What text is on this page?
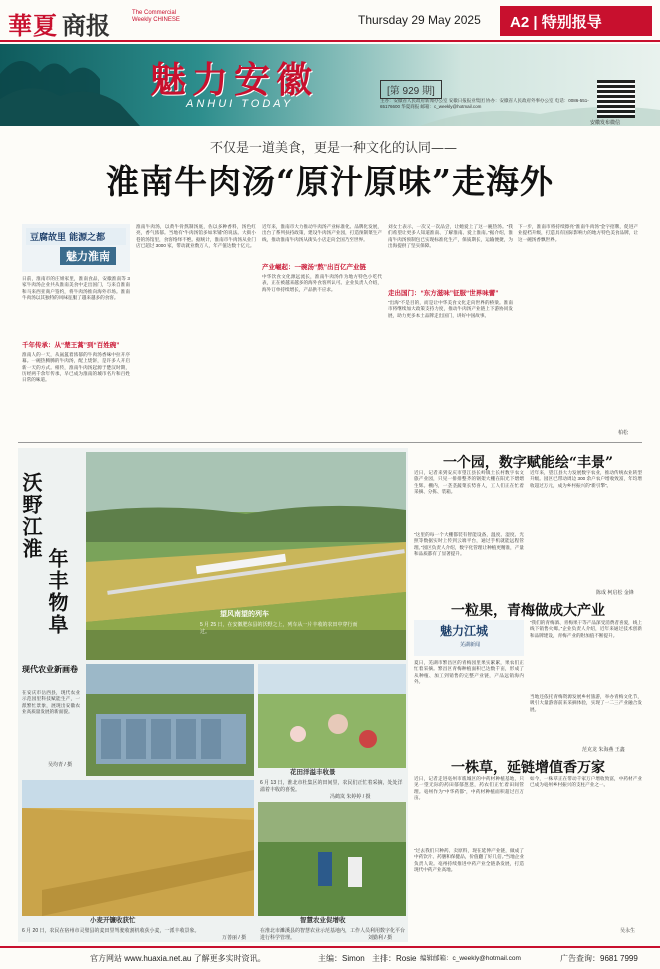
華夏 商报	The Commercial Weekly CHINESE	Thursday 29 May 2025	A2 | 特别报导
魅力安徽
ANHUI TODAY
[第 929 期]
主办：安徽省人民政府新闻办公室 安徽日报报业集团 协办：安徽省人民政府外事办公室 电话：0086-551-65176600 华夏商报 邮箱：c_weekly@hotmail.com
安徽发布微信
不仅是一道美食，更是一种文化的认同——
淮南牛肉汤“原汁原味”走海外
豆腐故里 能源之都
魅力淮南
日前，淮南市的庄姐家里，淮南食品，安徽淮南等 3 家牛肉汤企业共从淮南美食中走出国门，与来自淮南和马来西亚商户签约，将牛肉汤推向海外市场。淮南牛肉汤以其独特的风味征服了越来越多的食客。
千年传承：从“楚王蒿”到“百姓碗”
淮南人的一天，从氤氲着浓郁的牛肉汤香味中拉开序幕。一碗热腾腾的牛肉汤，配上烧饼，是许多人开启新一天的方式。相传，淮南牛肉汤起源于楚汉时期，历经两千余年传承，早已成为淮南的城市名片和百姓日常的味道。
淮南牛肉汤，以黄牛骨熬制汤底，佐以多种香料，汤色红亮，香气浓郁。当地有“牛肉汤馆多如米铺”的说法。大街小巷的汤馆里，食客络绎不绝。据统计，淮南市牛肉汤从业门店已超过 3000 家，带动就业数万人，年产值达数十亿元。
近年来，淮南市大力推动牛肉汤产业标准化、品牌化发展，出台了系列扶持政策，建设牛肉汤产业园，打造预制菜生产线，推动淮南牛肉汤从街头小店走向全国乃至世界。
产业崛起：一碗汤“熬”出百亿产业链
中华饮食文化源远流长，淮南牛肉汤作为地方特色小吃代表，正在被越来越多的海外食客所认可。企业负责人介绍，海外订单持续增长，产品供不应求。
刘女士表示，一次又一次品尝，让她爱上了这一碗热汤。“我们希望让更多人知道淮南、了解淮南、爱上淮南。”据介绍，淮南牛肉汤预制包已实现标准化生产，保质期长，运输便捷，为出海提供了坚实保障。
走出国门：“东方滋味”征服“世界味蕾”
“出海”不是目的，而是让中华美食文化走向世界的桥梁。淮南市将继续加大政策支持力度，推动牛肉汤产业链上下游协同发展，助力更多本土品牌走出国门，讲好中国故事。
下一步，淮南市将持续擦亮“淮南牛肉汤”金字招牌，促进产业提档升级，打造具有国际影响力的地方特色美食品牌，让这一碗汤香飘世界。
柏松
沃野江淮
年丰物阜	望风南望的列车
5 月 25 日，在安徽肥东县的沃野之上，列车从一片丰收的农田中穿行而过。
现代农业新画卷
在安庆市岳西县，现代农业示范园里科技赋能生产，一派繁忙景象，展现出安徽农业高质量发展的新面貌。
吴均青 / 摄
花田洋溢丰收景
6 月 13 日，淮北市杜集区的田间里，农民们正忙着采摘，处处洋溢着丰收的喜悦。
冯鹤岚 朱婷婷 / 摄
小麦开镰收获忙
6 月 20 日，农民在宿州市灵璧县的麦田里驾驶收割机收获小麦，一派丰收景象。
万善丽 / 摄
智慧农业促增收
在淮北市濉溪县的智慧农业示范基地内，工作人员利用数字化平台进行科学管理。	刘勤利 / 摄
一个园，数字赋能绘“丰景”
近日，记者来到安庆市望江县长岭镇土长村数字农文旅产业园，只见一排排整齐的钢架大棚在阳光下熠熠生辉。棚内，一垄垄蔬菜长势喜人，工人们正在忙着采摘、分拣、装箱。
“这里的每一个大棚都装有智能设备，温度、湿度、光照等数据实时上传到云端平台，通过手机就能远程管理。”园区负责人介绍，数字化管理让种植更精准，产量和品质都有了显著提升。
近年来，望江县大力发展数字农业，推动传统农业转型升级。园区已带动周边 300 余户农户增收致富，年均增收超过万元，成为乡村振兴的“新引擎”。
陈成 柯启松 金锋
一粒果，青梅做成大产业
魅力江城
芜湖新闻
夏日，芜湖市繁昌区的青梅园里果实累累，果农们正忙着采摘。繁昌区青梅种植面积已达数千亩，形成了从种植、加工到销售的完整产业链，产品远销海内外。
“我们的青梅酒、青梅果干等产品深受消费者喜爱，线上线下销售火爆。”企业负责人介绍，近年来通过技术创新和品牌建设，青梅产业的附加值不断提升。
当地还依托青梅资源发展乡村旅游，举办青梅文化节，吸引大量游客前来采摘体验，实现了一二三产业融合发展。
范克龙 朱海燕 王鑫
一株草，延链增值香万家
近日，记者走进亳州市谯城区的中药材种植基地，只见一望无际的药田郁郁葱葱，药农们正忙着田间管理。亳州作为“中华药都”，中药材种植面积超过百万亩。
“过去我们只种药、卖原料，现在延伸产业链，做成了中药饮片、药膳和保健品，价值翻了好几倍。”当地企业负责人说。亳州持续推进中药产业全链条发展，打造现代中药产业高地。
如今，一株草正在带动千家万户增收致富，中药材产业已成为亳州乡村振兴的支柱产业之一。
吴永生
官方网站 www.huaxia.net.au 了解更多实时资讯。	主编：Simon 主排：Rosie 编辑邮箱：c_weekly@hotmail.com	广告查询：9681 7999
